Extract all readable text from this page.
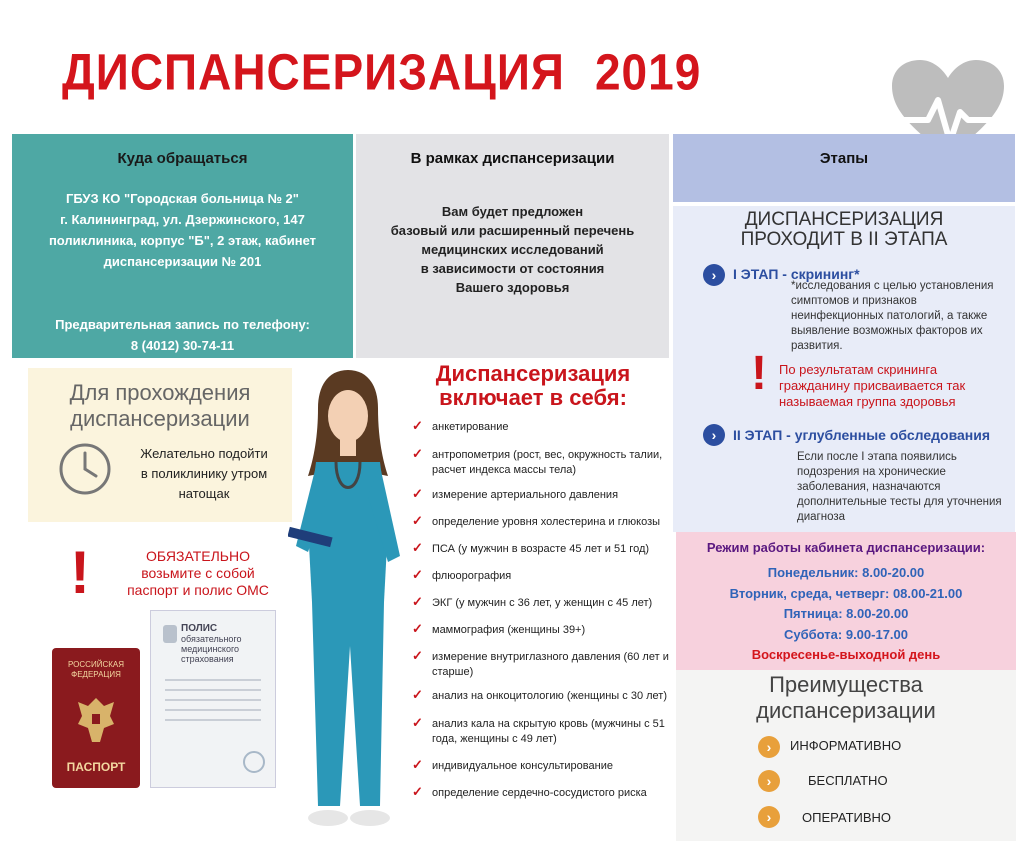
ДИСПАНСЕРИЗАЦИЯ 2019
Куда обращаться
ГБУЗ КО "Городская больница № 2"
г. Калининград, ул. Дзержинского, 147
поликлиника, корпус "Б", 2 этаж, кабинет
диспансеризации № 201
Предварительная запись по телефону:
8 (4012) 30-74-11
В рамках диспансеризации
Вам будет предложен
базовый или расширенный перечень
медицинских исследований
в зависимости от состояния
Вашего здоровья
Этапы
ДИСПАНСЕРИЗАЦИЯ
ПРОХОДИТ В II ЭТАПА
›	I ЭТАП - скрининг*
*исследования с целью установления
симптомов и признаков
неинфекционных патологий, а также
выявление возможных факторов их
развития.
! По результатам скрининга
гражданину присваивается так
называемая группа здоровья
›	II ЭТАП - углубленные обследования
Если после I этапа появились
подозрения на хронические
заболевания, назначаются
дополнительные тесты для уточнения
диагноза
Режим работы кабинета диспансеризации:
Понедельник: 8.00-20.00
Вторник, среда, четверг: 08.00-21.00
Пятница: 8.00-20.00
Суббота: 9.00-17.00
Воскресенье-выходной день
Преимущества
диспансеризации
›	ИНФОРМАТИВНО
›	БЕСПЛАТНО
›	ОПЕРАТИВНО
Для прохождения
диспансеризации
Желательно подойти
в поликлинику утром
натощак
!	ОБЯЗАТЕЛЬНО
возьмите с собой
паспорт и полис ОМС
ПОЛИС
обязательного
медицинского страхования
РОССИЙСКАЯ
ФЕДЕРАЦИЯ
ПАСПОРТ
Диспансеризация
включает в себя:
✓ анкетирование
✓ антропометрия (рост, вес, окружность талии, расчет индекса массы тела)
✓ измерение артериального давления
✓ определение уровня холестерина и глюкозы
✓ ПСА (у мужчин в возрасте 45 лет и 51 год)
✓ флюорография
✓ ЭКГ (у мужчин с 36 лет, у женщин с 45 лет)
✓ маммография (женщины 39+)
✓ измерение внутриглазного давления (60 лет и старше)
✓ анализ на онкоцитологию (женщины с 30 лет)
✓ анализ кала на скрытую кровь (мужчины с 51 года, женщины с 49 лет)
✓ индивидуальное консультирование
✓ определение сердечно-сосудистого риска
